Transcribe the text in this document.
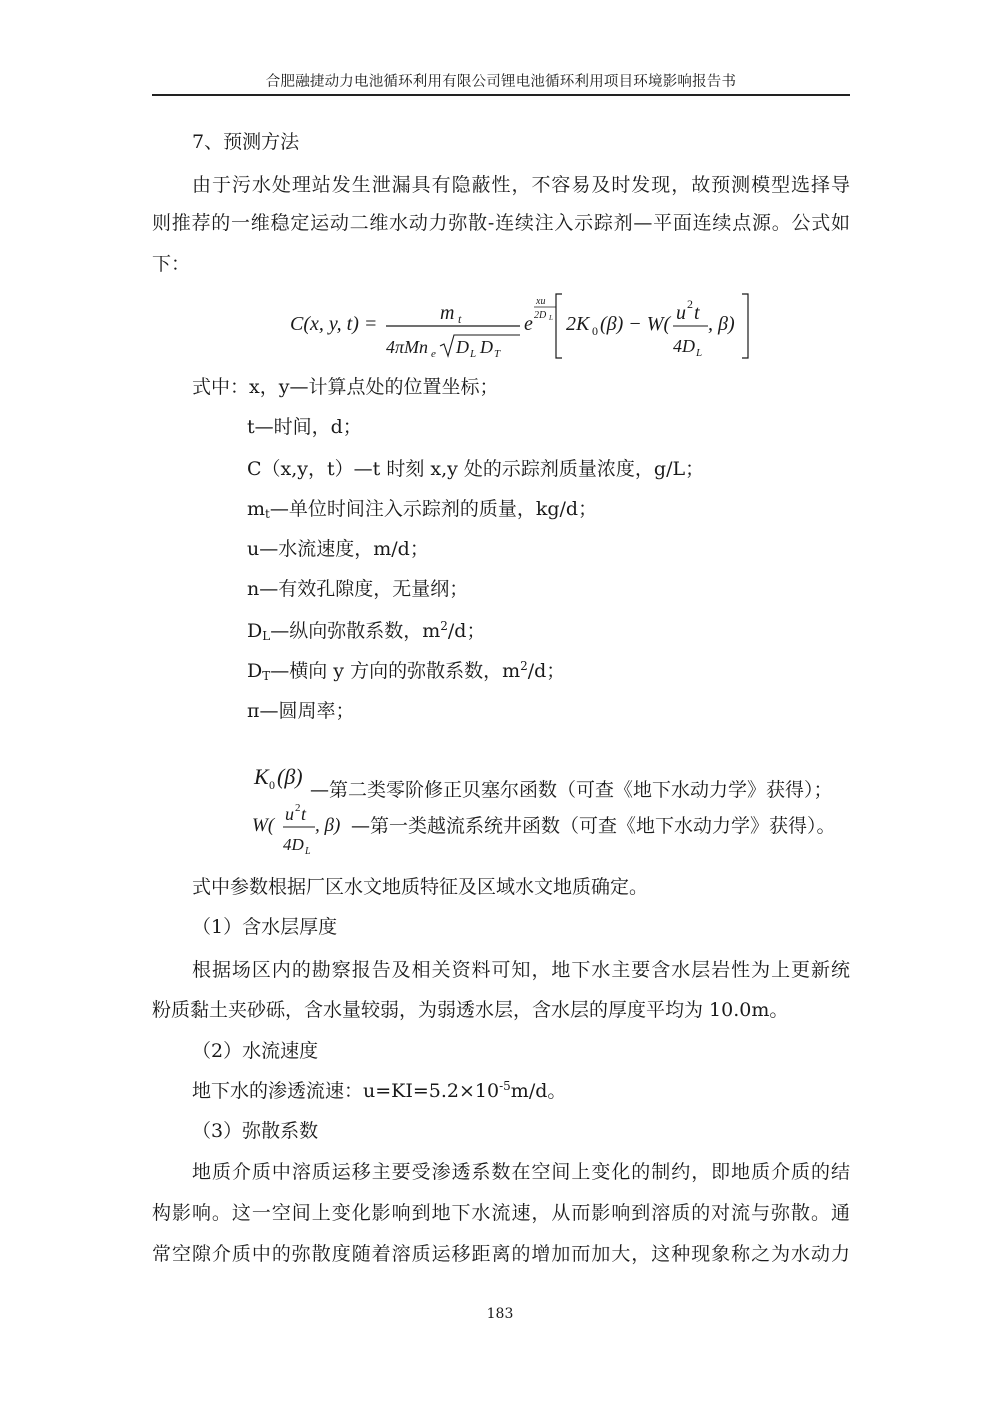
合肥融捷动力电池循环利用有限公司锂电池循环利用项目环境影响报告书
7、预测方法
由于污水处理站发生泄漏具有隐蔽性，不容易及时发现，故预测模型选择导
则推荐的一维稳定运动二维水动力弥散-连续注入示踪剂—平面连续点源。公式如
下：
C(x, y, t) =	m t
4πMn e D L D T
e
xu
2D L 2K 0 (β) − W( u 2 t
4D L
, β)
式中：x，y—计算点处的位置坐标；
t—时间，d；
C（x,y，t）—t 时刻 x,y 处的示踪剂质量浓度，g/L；
$m_t—$单位时间注入示踪剂的质量，kg/d；
u—水流速度，m/d；
n—有效孔隙度，无量纲；
$D_L—$纵向弥散系数，$m^2/d$；
$D_T—$横向 y 方向的弥散系数，$m^2/d$；
π—圆周率；
K 0 (β)
—第二类零阶修正贝塞尔函数（可查《地下水动力学》获得）；
W(
u 2 t
4D L
, β) —第一类越流系统井函数（可查《地下水动力学》获得）。
式中参数根据厂区水文地质特征及区域水文地质确定。
（1）含水层厚度
根据场区内的勘察报告及相关资料可知，地下水主要含水层岩性为上更新统
粉质黏土夹砂砾，含水量较弱，为弱透水层，含水层的厚度平均为 10.0m。
（2）水流速度
地下水的渗透流速：$u=KI=5.2\times 10^{-5}m/d$。
（3）弥散系数
地质介质中溶质运移主要受渗透系数在空间上变化的制约，即地质介质的结
构影响。这一空间上变化影响到地下水流速，从而影响到溶质的对流与弥散。通
常空隙介质中的弥散度随着溶质运移距离的增加而加大，这种现象称之为水动力
183
